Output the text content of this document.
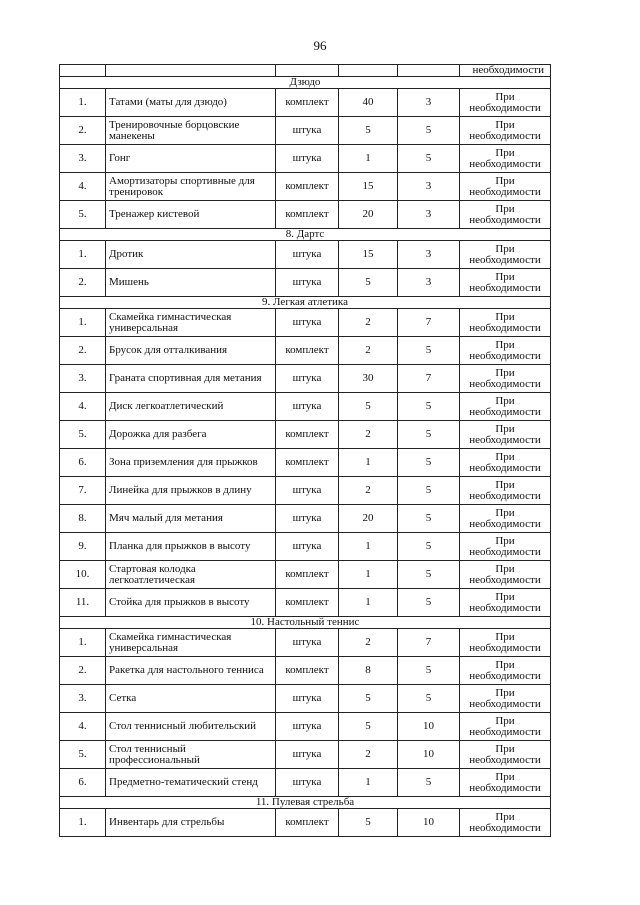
96
					необходимости
Дзюдо					
1.	Татами (маты для дзюдо)	комплект	40	3	При
необходимости

2.	Тренировочные борцовские манекены	штука	5	5	При
необходимости

3.	Гонг	штука	1	5	При
необходимости

4.	Амортизаторы спортивные для тренировок	комплект	15	3	При
необходимости

5.	Тренажер кистевой	комплект	20	3	При
необходимости

8. Дартс					
1.	Дротик	штука	15	3	При
необходимости

2.	Мишень	штука	5	3	При
необходимости

9. Легкая атлетика					
1.	Скамейка гимнастическая универсальная	штука	2	7	При
необходимости

2.	Брусок для отталкивания	комплект	2	5	При
необходимости

3.	Граната спортивная для метания	штука	30	7	При
необходимости

4.	Диск легкоатлетический	штука	5	5	При
необходимости

5.	Дорожка для разбега	комплект	2	5	При
необходимости

6.	Зона приземления для прыжков	комплект	1	5	При
необходимости

7.	Линейка для прыжков в длину	штука	2	5	При
необходимости

8.	Мяч малый для метания	штука	20	5	При
необходимости

9.	Планка для прыжков в высоту	штука	1	5	При
необходимости

10.	Стартовая колодка легкоатлетическая	комплект	1	5	При
необходимости

11.	Стойка для прыжков в высоту	комплект	1	5	При
необходимости

10. Настольный теннис					
1.	Скамейка гимнастическая универсальная	штука	2	7	При
необходимости

2.	Ракетка для настольного тенниса	комплект	8	5	При
необходимости

3.	Сетка	штука	5	5	При
необходимости

4.	Стол теннисный любительский	штука	5	10	При
необходимости

5.	Стол теннисный профессиональный	штука	2	10	При
необходимости

6.	Предметно-тематический стенд	штука	1	5	При
необходимости

11. Пулевая стрельба					
1.	Инвентарь для стрельбы	комплект	5	10	При
необходимости
